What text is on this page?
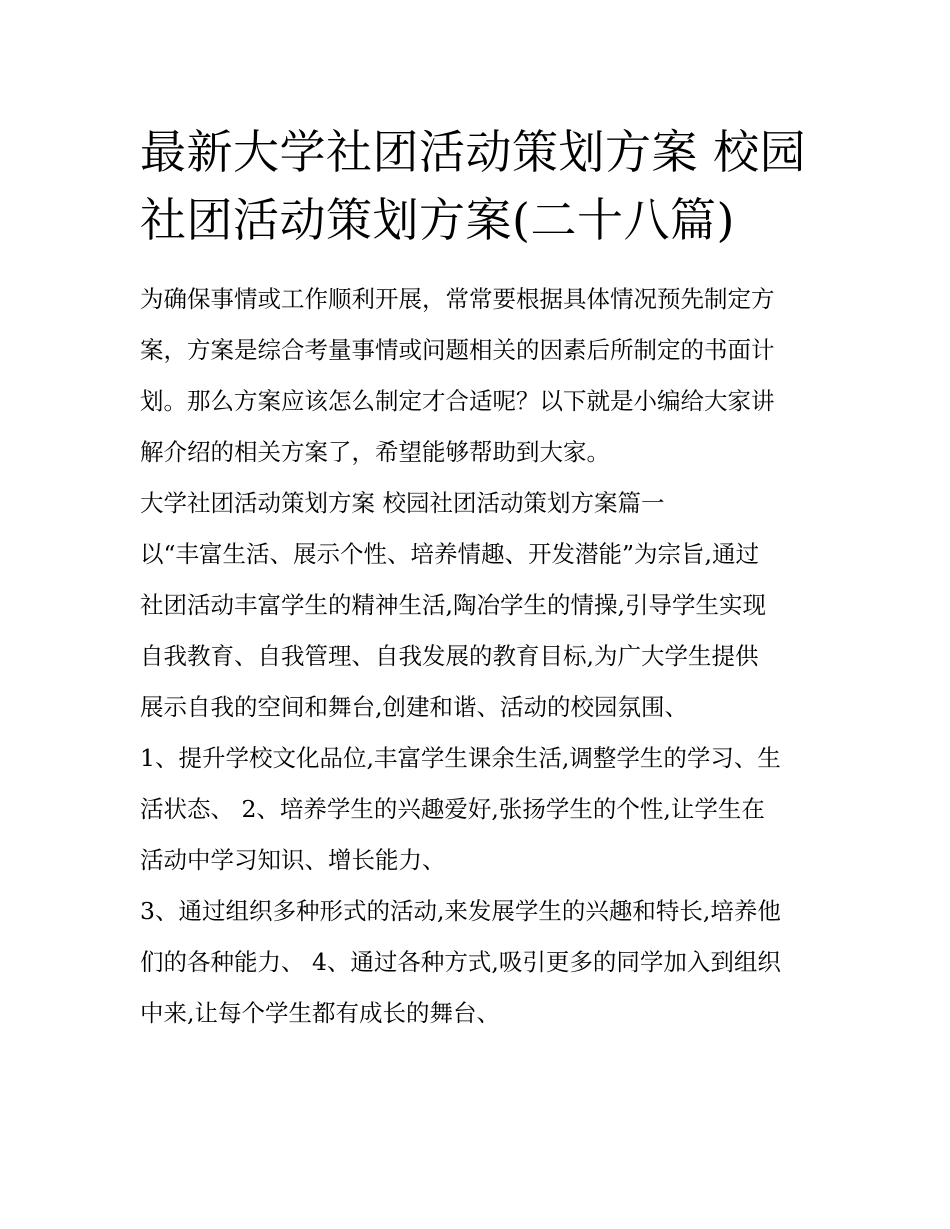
最新大学社团活动策划方案 校园社团活动策划方案(二十八篇)

为确保事情或工作顺利开展，常常要根据具体情况预先制定方
案，方案是综合考量事情或问题相关的因素后所制定的书面计
划。那么方案应该怎么制定才合适呢？以下就是小编给大家讲
解介绍的相关方案了，希望能够帮助到大家。

大学社团活动策划方案 校园社团活动策划方案篇一

以“丰富生活、展示个性、培养情趣、开发潜能”为宗旨,通过
社团活动丰富学生的精神生活,陶冶学生的情操,引导学生实现
自我教育、自我管理、自我发展的教育目标,为广大学生提供
展示自我的空间和舞台,创建和谐、活动的校园氛围、

1、提升学校文化品位,丰富学生课余生活,调整学生的学习、生
活状态、 2、培养学生的兴趣爱好,张扬学生的个性,让学生在
活动中学习知识、增长能力、

3、通过组织多种形式的活动,来发展学生的兴趣和特长,培养他
们的各种能力、 4、通过各种方式,吸引更多的同学加入到组织
中来,让每个学生都有成长的舞台、
